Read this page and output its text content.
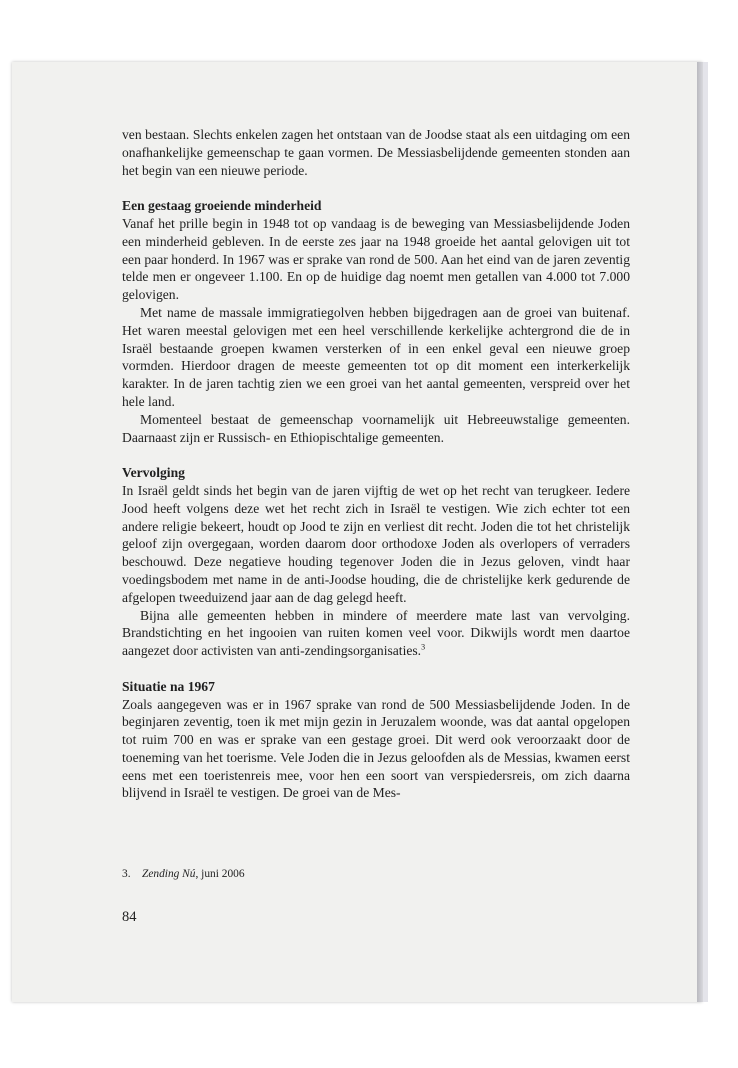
ven bestaan. Slechts enkelen zagen het ontstaan van de Joodse staat als een uitdaging om een onafhankelijke gemeenschap te gaan vormen. De Messiasbelijdende gemeenten stonden aan het begin van een nieuwe periode.

Een gestaag groeiende minderheid

Vanaf het prille begin in 1948 tot op vandaag is de beweging van Messiasbelijdende Joden een minderheid gebleven. In de eerste zes jaar na 1948 groeide het aantal gelovigen uit tot een paar honderd. In 1967 was er sprake van rond de 500. Aan het eind van de jaren zeventig telde men er ongeveer 1.100. En op de huidige dag noemt men getallen van 4.000 tot 7.000 gelovigen.

Met name de massale immigratiegolven hebben bijgedragen aan de groei van buitenaf. Het waren meestal gelovigen met een heel verschillende kerkelijke achtergrond die de in Israël bestaande groepen kwamen versterken of in een enkel geval een nieuwe groep vormden. Hierdoor dragen de meeste gemeenten tot op dit moment een interkerkelijk karakter. In de jaren tachtig zien we een groei van het aantal gemeenten, verspreid over het hele land.

Momenteel bestaat de gemeenschap voornamelijk uit Hebreeuwstalige gemeenten. Daarnaast zijn er Russisch- en Ethiopischtalige gemeenten.

Vervolging

In Israël geldt sinds het begin van de jaren vijftig de wet op het recht van terugkeer. Iedere Jood heeft volgens deze wet het recht zich in Israël te vestigen. Wie zich echter tot een andere religie bekeert, houdt op Jood te zijn en verliest dit recht. Joden die tot het christelijk geloof zijn overgegaan, worden daarom door orthodoxe Joden als overlopers of verraders beschouwd. Deze negatieve houding tegenover Joden die in Jezus geloven, vindt haar voedingsbodem met name in de anti-Joodse houding, die de christelijke kerk gedurende de afgelopen tweeduizend jaar aan de dag gelegd heeft.

Bijna alle gemeenten hebben in mindere of meerdere mate last van vervolging. Brandstichting en het ingooien van ruiten komen veel voor. Dikwijls wordt men daartoe aangezet door activisten van anti-zendingsorganisaties.$^3$

Situatie na 1967

Zoals aangegeven was er in 1967 sprake van rond de 500 Messiasbelijdende Joden. In de beginjaren zeventig, toen ik met mijn gezin in Jeruzalem woonde, was dat aantal opgelopen tot ruim 700 en was er sprake van een gestage groei. Dit werd ook veroorzaakt door de toeneming van het toerisme. Vele Joden die in Jezus geloofden als de Messias, kwamen eerst eens met een toeristenreis mee, voor hen een soort van verspiedersreis, om zich daarna blijvend in Israël te vestigen. De groei van de Mes-

3. Zending Nú, juni 2006
84
